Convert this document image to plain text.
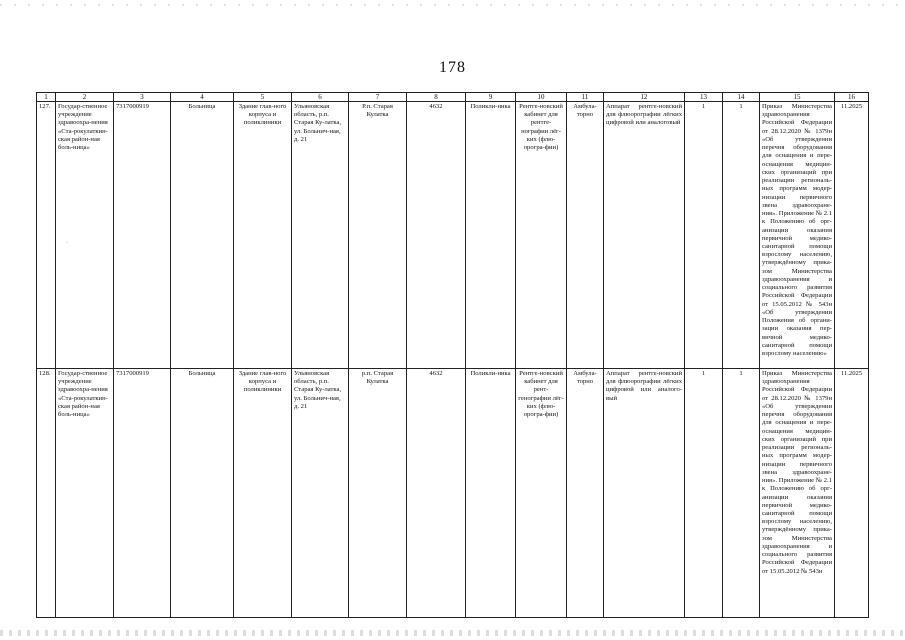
178
1	2	3	4	5	6	7	8	9	10	11	12	13	14	15	16
127.	Государ-ственное учреждение здравоохра-нения «Ста-рокулаткин-ская район-ная боль-ница»	7317000919	Больница	Здание глав-ного корпуса и поликлиники	Ульяновская область, р.п. Старая Ку-латка, ул. Больнич-ная, д. 21	Р.п. Старая Кулатка	4632	Поликли-ника	Рентге-новский кабинет для рентге-нографии лёг-ких (флю-орогра-фии)	Амбула-торно	Аппарат рентге-новский для флюорографии лёгких цифровой или аналоговый	1	1	Приказ Министерства здравоохранения Российской Федерации от 28.12.2020 № 1379н «Об утверждении перечня оборудования для оснащения и пере-оснащения медицин-ских организаций при реализации региональ-ных программ модер-низации первичного звена здравоохране-ния». Приложение № 2.1 к Положению об орг-анизации оказания первичной медико-санитарной помощи взрослому населению, утверждённому прика-зом Министерства здравоохранения и социального развития Российской Федерации от 15.05.2012 № 543н «Об утверждении Положения об органи-зации оказания пер-вичной медико-санитарной помощи взрослому населению»	11.2025
128.	Государ-ственное учреждение здравоохра-нения «Ста-рокулаткин-ская район-ная боль-ница»	7317000919	Больница	Здание глав-ного корпуса и поликлиники	Ульяновская область, р.п. Старая Ку-латка, ул. Больнич-ная, д. 21	р.п. Старая Кулатка	4632	Поликли-ника	Рентге-новский кабинет для рент-генографии лёг-ких (флю-орогра-фии)	Амбула-торно	Аппарат рентге-новский для флюорографии лёгких цифровой или аналого-вый	1	1	Приказ Министерства здравоохранения Российской Федерации от 28.12.2020 № 1379н «Об утверждении перечня оборудования для оснащения и пере-оснащения медицин-ских организаций при реализации региональ-ных программ модер-низации первичного звена здравоохране-ния». Приложение № 2.1 к Положению об орг-анизации оказания первичной медико-санитарной помощи взрослому населению, утверждённому прика-зом Министерства здравоохранения и социального развития Российской Федерации от 15.05.2012 № 543н	11.2025
·
